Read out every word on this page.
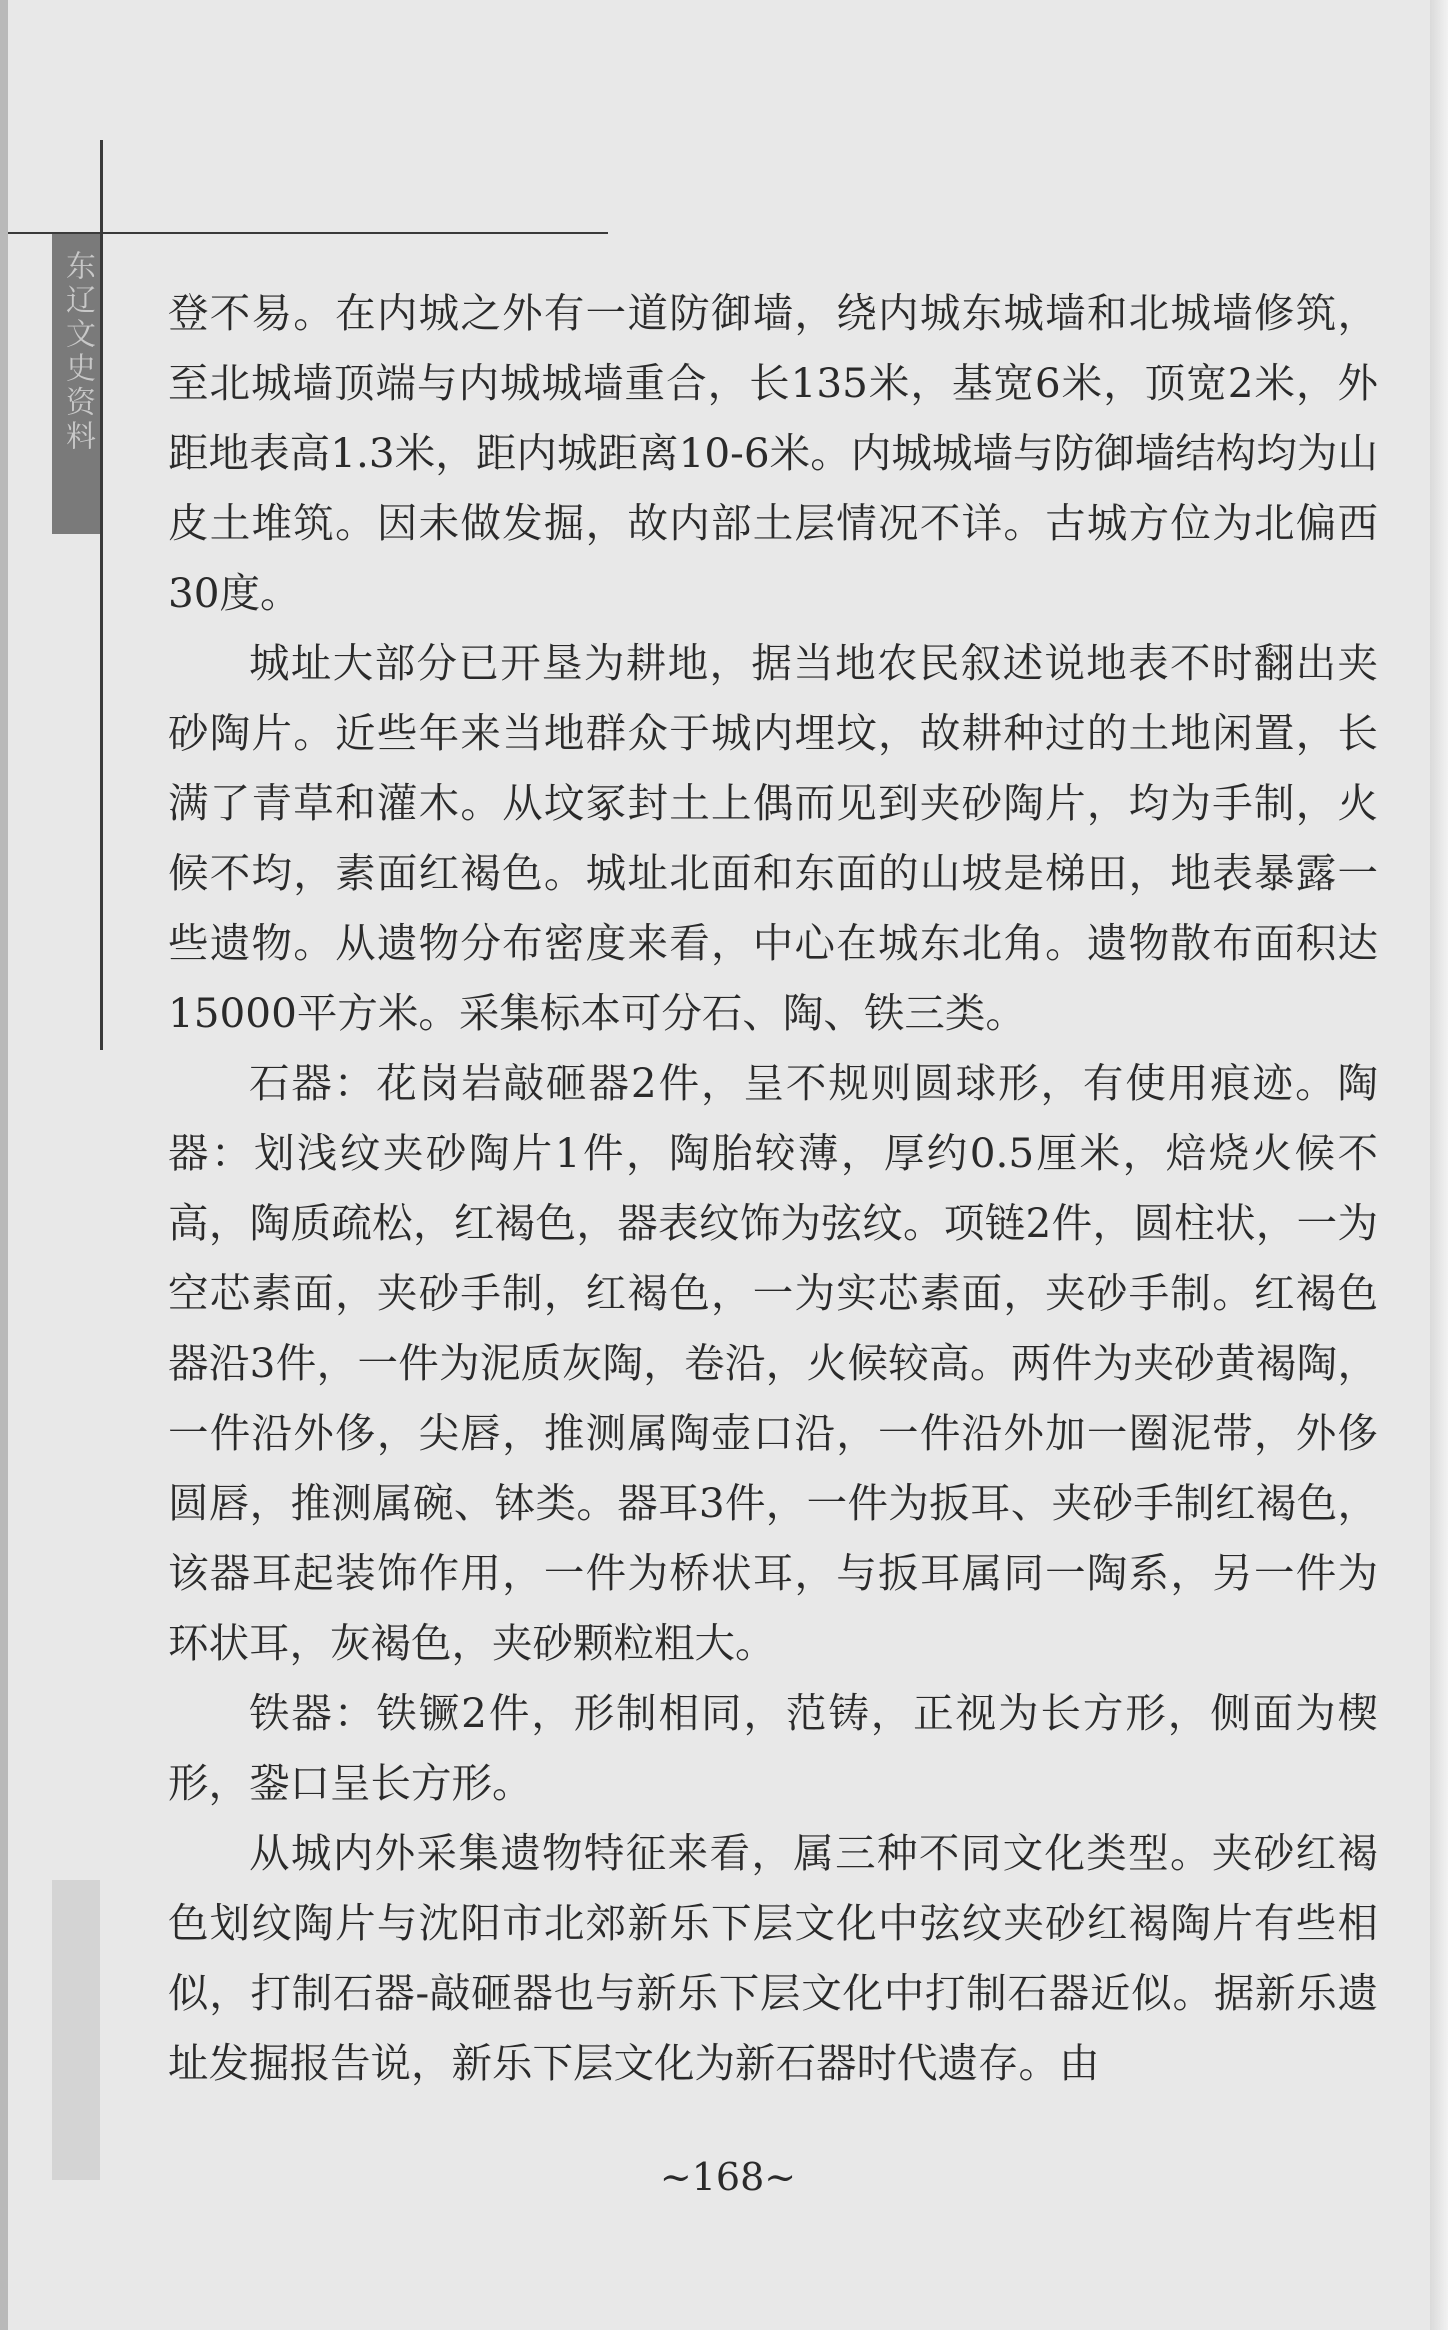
东辽文史资料 登不易。在内城之外有一道防御墙，绕内城东城墙和北城墙修筑，至北城墙顶端与内城城墙重合，长135米，基宽6米，顶宽2米，外距地表高1.3米，距内城距离10-6米。内城城墙与防御墙结构均为山皮土堆筑。因未做发掘，故内部土层情况不详。古城方位为北偏西30度。

城址大部分已开垦为耕地，据当地农民叙述说地表不时翻出夹砂陶片。近些年来当地群众于城内埋坟，故耕种过的土地闲置，长满了青草和灌木。从坟冢封土上偶而见到夹砂陶片，均为手制，火候不均，素面红褐色。城址北面和东面的山坡是梯田，地表暴露一些遗物。从遗物分布密度来看，中心在城东北角。遗物散布面积达15000平方米。采集标本可分石、陶、铁三类。

石器：花岗岩敲砸器2件，呈不规则圆球形，有使用痕迹。陶器：划浅纹夹砂陶片1件，陶胎较薄，厚约0.5厘米，焙烧火候不高，陶质疏松，红褐色，器表纹饰为弦纹。项链2件，圆柱状，一为空芯素面，夹砂手制，红褐色，一为实芯素面，夹砂手制。红褐色器沿3件，一件为泥质灰陶，卷沿，火候较高。两件为夹砂黄褐陶，一件沿外侈，尖唇，推测属陶壶口沿，一件沿外加一圈泥带，外侈圆唇，推测属碗、钵类。器耳3件，一件为扳耳、夹砂手制红褐色，该器耳起装饰作用，一件为桥状耳，与扳耳属同一陶系，另一件为环状耳，灰褐色，夹砂颗粒粗大。

铁器：铁镢2件，形制相同，范铸，正视为长方形，侧面为楔形，銎口呈长方形。

从城内外采集遗物特征来看，属三种不同文化类型。夹砂红褐色划纹陶片与沈阳市北郊新乐下层文化中弦纹夹砂红褐陶片有些相似，打制石器-敲砸器也与新乐下层文化中打制石器近似。据新乐遗址发掘报告说，新乐下层文化为新石器时代遗存。由

~168~
